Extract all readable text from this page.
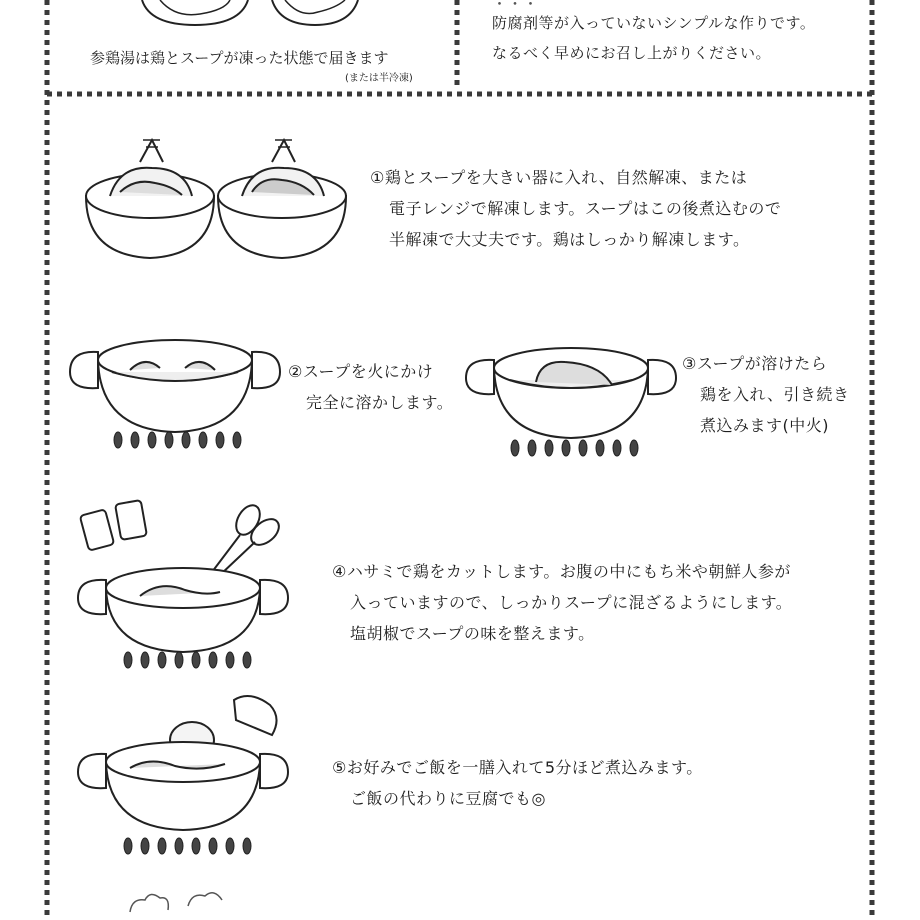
参鶏湯は鶏とスープが凍った状態で届きます
(または半冷凍)
・・・
防腐剤等が入っていないシンプルな作りです。
なるべく早めにお召し上がりください。
①鶏とスープを大きい器に入れ、自然解凍、または
電子レンジで解凍します。スープはこの後煮込むので
半解凍で大丈夫です。鶏はしっかり解凍します。
②スープを火にかけ
完全に溶かします。
③スープが溶けたら
鶏を入れ、引き続き
煮込みます(中火)
④ハサミで鶏をカットします。お腹の中にもち米や朝鮮人参が
入っていますので、しっかりスープに混ざるようにします。
塩胡椒でスープの味を整えます。
⑤お好みでご飯を一膳入れて5分ほど煮込みます。
ご飯の代わりに豆腐でも◎
